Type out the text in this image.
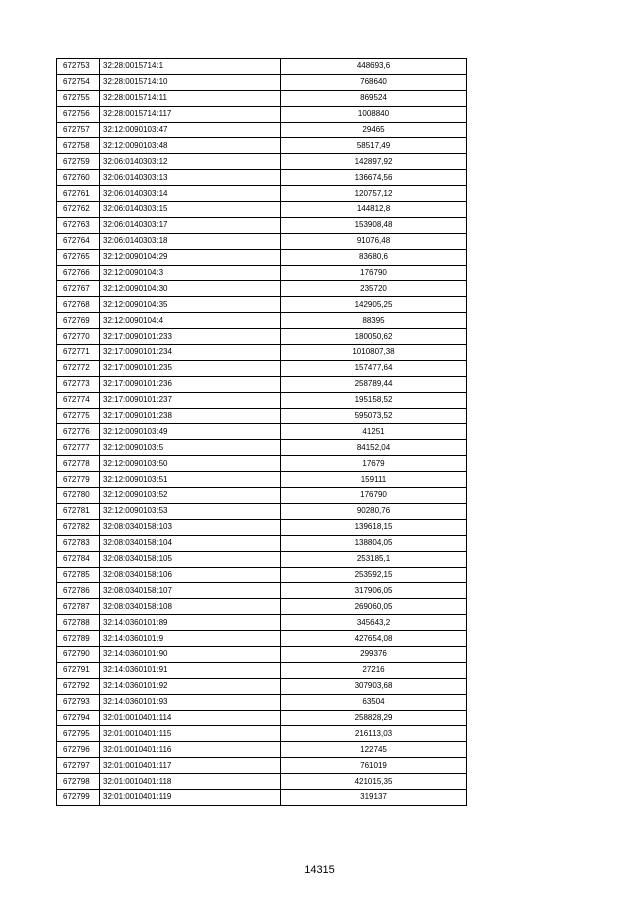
672753	32:28:0015714:1	448693,6
672754	32:28:0015714:10	768640
672755	32:28:0015714:11	869524
672756	32:28:0015714:117	1008840
672757	32:12:0090103:47	29465
672758	32:12:0090103:48	58517,49
672759	32:06:0140303:12	142897,92
672760	32:06:0140303:13	136674,56
672761	32:06:0140303:14	120757,12
672762	32:06:0140303:15	144812,8
672763	32:06:0140303:17	153908,48
672764	32:06:0140303:18	91076,48
672765	32:12:0090104:29	83680,6
672766	32:12:0090104:3	176790
672767	32:12:0090104:30	235720
672768	32:12:0090104:35	142905,25
672769	32:12:0090104:4	88395
672770	32:17:0090101:233	180050,62
672771	32:17:0090101:234	1010807,38
672772	32:17:0090101:235	157477,64
672773	32:17:0090101:236	258789,44
672774	32:17:0090101:237	195158,52
672775	32:17:0090101:238	595073,52
672776	32:12:0090103:49	41251
672777	32:12:0090103:5	84152,04
672778	32:12:0090103:50	17679
672779	32:12:0090103:51	159111
672780	32:12:0090103:52	176790
672781	32:12:0090103:53	90280,76
672782	32:08:0340158:103	139618,15
672783	32:08:0340158:104	138804,05
672784	32:08:0340158:105	253185,1
672785	32:08:0340158:106	253592,15
672786	32:08:0340158:107	317906,05
672787	32:08:0340158:108	269060,05
672788	32:14:0360101:89	345643,2
672789	32:14:0360101:9	427654,08
672790	32:14:0360101:90	299376
672791	32:14:0360101:91	27216
672792	32:14:0360101:92	307903,68
672793	32:14:0360101:93	63504
672794	32:01:0010401:114	258828,29
672795	32:01:0010401:115	216113,03
672796	32:01:0010401:116	122745
672797	32:01:0010401:117	761019
672798	32:01:0010401:118	421015,35
672799	32:01:0010401:119	319137
14315
